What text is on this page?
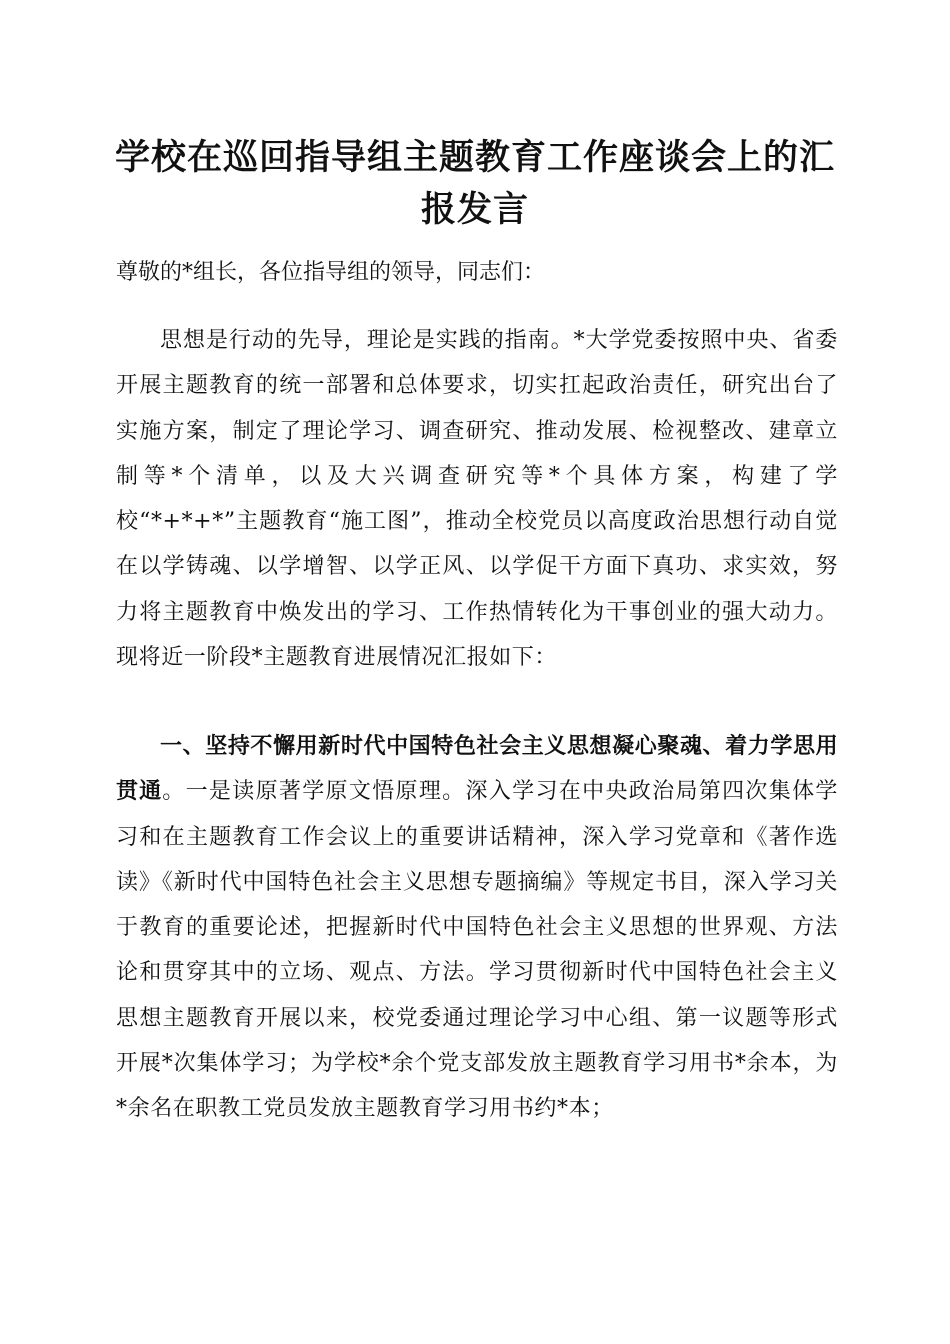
学校在巡回指导组主题教育工作座谈会上的汇报发言

尊敬的*组长，各位指导组的领导，同志们：

思想是行动的先导，理论是实践的指南。*大学党委按照中央、省委开展主题教育的统一部署和总体要求，切实扛起政治责任，研究出台了实施方案，制定了理论学习、调查研究、推动发展、检视整改、建章立制等*个清单，以及大兴调查研究等*个具体方案，构建了学校“*+*+*”主题教育“施工图”，推动全校党员以高度政治思想行动自觉在以学铸魂、以学增智、以学正风、以学促干方面下真功、求实效，努力将主题教育中焕发出的学习、工作热情转化为干事创业的强大动力。现将近一阶段*主题教育进展情况汇报如下：

一、坚持不懈用新时代中国特色社会主义思想凝心聚魂、着力学思用贯通。一是读原著学原文悟原理。深入学习在中央政治局第四次集体学习和在主题教育工作会议上的重要讲话精神，深入学习党章和《著作选读》《新时代中国特色社会主义思想专题摘编》等规定书目，深入学习关于教育的重要论述，把握新时代中国特色社会主义思想的世界观、方法论和贯穿其中的立场、观点、方法。学习贯彻新时代中国特色社会主义思想主题教育开展以来，校党委通过理论学习中心组、第一议题等形式开展*次集体学习；为学校*余个党支部发放主题教育学习用书*余本，为*余名在职教工党员发放主题教育学习用书约*本；
